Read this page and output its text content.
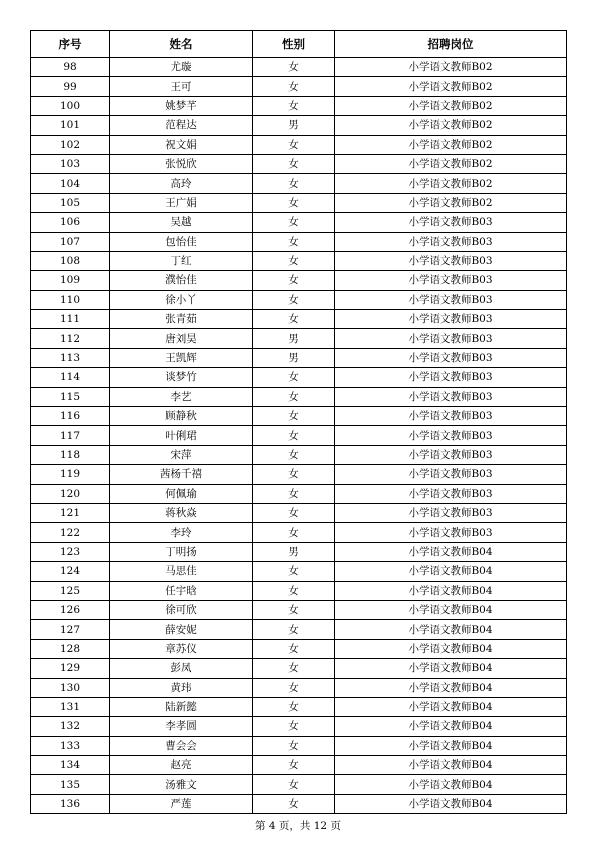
序号	姓名	性别	招聘岗位
98	尤璇	女	小学语文教师B02
99	王可	女	小学语文教师B02
100	姚梦芊	女	小学语文教师B02
101	范程达	男	小学语文教师B02
102	祝文娟	女	小学语文教师B02
103	张悦欣	女	小学语文教师B02
104	高玲	女	小学语文教师B02
105	王广娟	女	小学语文教师B02
106	吴越	女	小学语文教师B03
107	包怡佳	女	小学语文教师B03
108	丁红	女	小学语文教师B03
109	濮怡佳	女	小学语文教师B03
110	徐小丫	女	小学语文教师B03
111	张青茹	女	小学语文教师B03
112	唐刘昊	男	小学语文教师B03
113	王凯辉	男	小学语文教师B03
114	谈梦竹	女	小学语文教师B03
115	李艺	女	小学语文教师B03
116	顾静秋	女	小学语文教师B03
117	叶俐珺	女	小学语文教师B03
118	宋萍	女	小学语文教师B03
119	茜杨千禧	女	小学语文教师B03
120	何佩瑜	女	小学语文教师B03
121	蒋秋焱	女	小学语文教师B03
122	李玲	女	小学语文教师B03
123	丁明扬	男	小学语文教师B04
124	马思佳	女	小学语文教师B04
125	任宇晗	女	小学语文教师B04
126	徐可欣	女	小学语文教师B04
127	薛安妮	女	小学语文教师B04
128	章苏仪	女	小学语文教师B04
129	彭凤	女	小学语文教师B04
130	黄玮	女	小学语文教师B04
131	陆新懿	女	小学语文教师B04
132	李孝圆	女	小学语文教师B04
133	曹会会	女	小学语文教师B04
134	赵亮	女	小学语文教师B04
135	汤雅文	女	小学语文教师B04
136	严莲	女	小学语文教师B04
第 4 页，共 12 页
